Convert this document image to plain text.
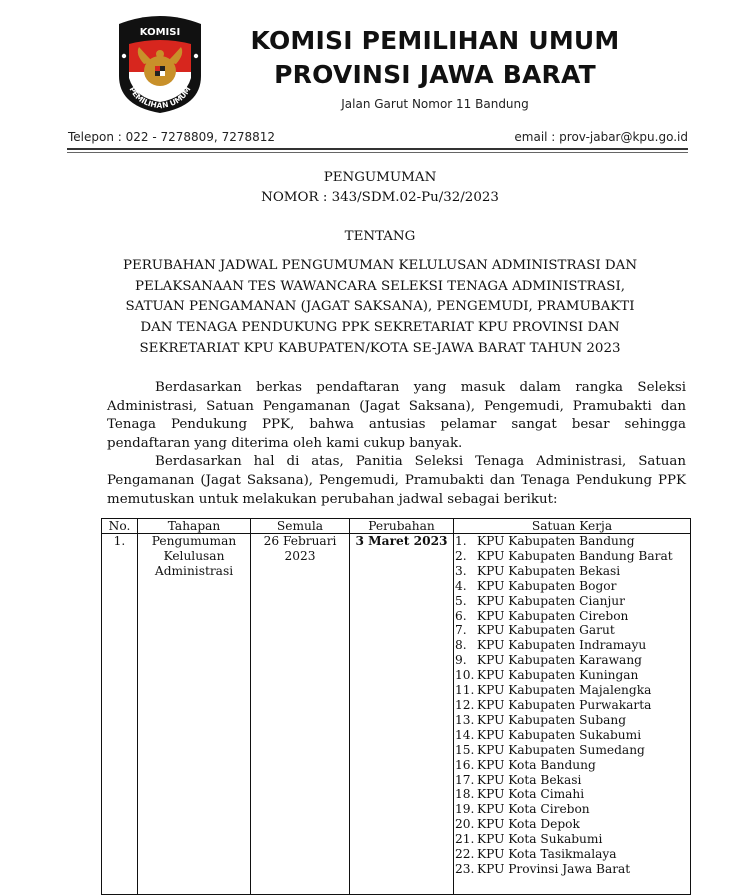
KOMISI
PEMILIHAN UMUM
KOMISI PEMILIHAN UMUM
PROVINSI JAWA BARAT
Jalan Garut Nomor 11 Bandung
Telepon : 022 - 7278809, 7278812	email : prov-jabar@kpu.go.id
PENGUMUMAN
NOMOR : 343/SDM.02-Pu/32/2023
TENTANG
PERUBAHAN JADWAL PENGUMUMAN KELULUSAN ADMINISTRASI DAN
PELAKSANAAN TES WAWANCARA SELEKSI TENAGA ADMINISTRASI,
SATUAN PENGAMANAN (JAGAT SAKSANA), PENGEMUDI, PRAMUBAKTI
DAN TENAGA PENDUKUNG PPK SEKRETARIAT KPU PROVINSI DAN
SEKRETARIAT KPU KABUPATEN/KOTA SE-JAWA BARAT TAHUN 2023
Berdasarkan berkas pendaftaran yang masuk dalam rangka Seleksi
Administrasi, Satuan Pengamanan (Jagat Saksana), Pengemudi, Pramubakti dan
Tenaga Pendukung PPK, bahwa antusias pelamar sangat besar sehingga
pendaftaran yang diterima oleh kami cukup banyak.
Berdasarkan hal di atas, Panitia Seleksi Tenaga Administrasi, Satuan
Pengamanan (Jagat Saksana), Pengemudi, Pramubakti dan Tenaga Pendukung PPK
memutuskan untuk melakukan perubahan jadwal sebagai berikut:
No.	Tahapan	Semula	Perubahan	Satuan Kerja
1.	Pengumuman Kelulusan Administrasi	26 Februari 2023	3 Maret 2023	1. KPU Kabupaten Bandung
2. KPU Kabupaten Bandung Barat
3. KPU Kabupaten Bekasi
4. KPU Kabupaten Bogor
5. KPU Kabupaten Cianjur
6. KPU Kabupaten Cirebon
7. KPU Kabupaten Garut
8. KPU Kabupaten Indramayu
9. KPU Kabupaten Karawang
10. KPU Kabupaten Kuningan
11. KPU Kabupaten Majalengka
12. KPU Kabupaten Purwakarta
13. KPU Kabupaten Subang
14. KPU Kabupaten Sukabumi
15. KPU Kabupaten Sumedang
16. KPU Kota Bandung
17. KPU Kota Bekasi
18. KPU Kota Cimahi
19. KPU Kota Cirebon
20. KPU Kota Depok
21. KPU Kota Sukabumi
22. KPU Kota Tasikmalaya
23. KPU Provinsi Jawa Barat
